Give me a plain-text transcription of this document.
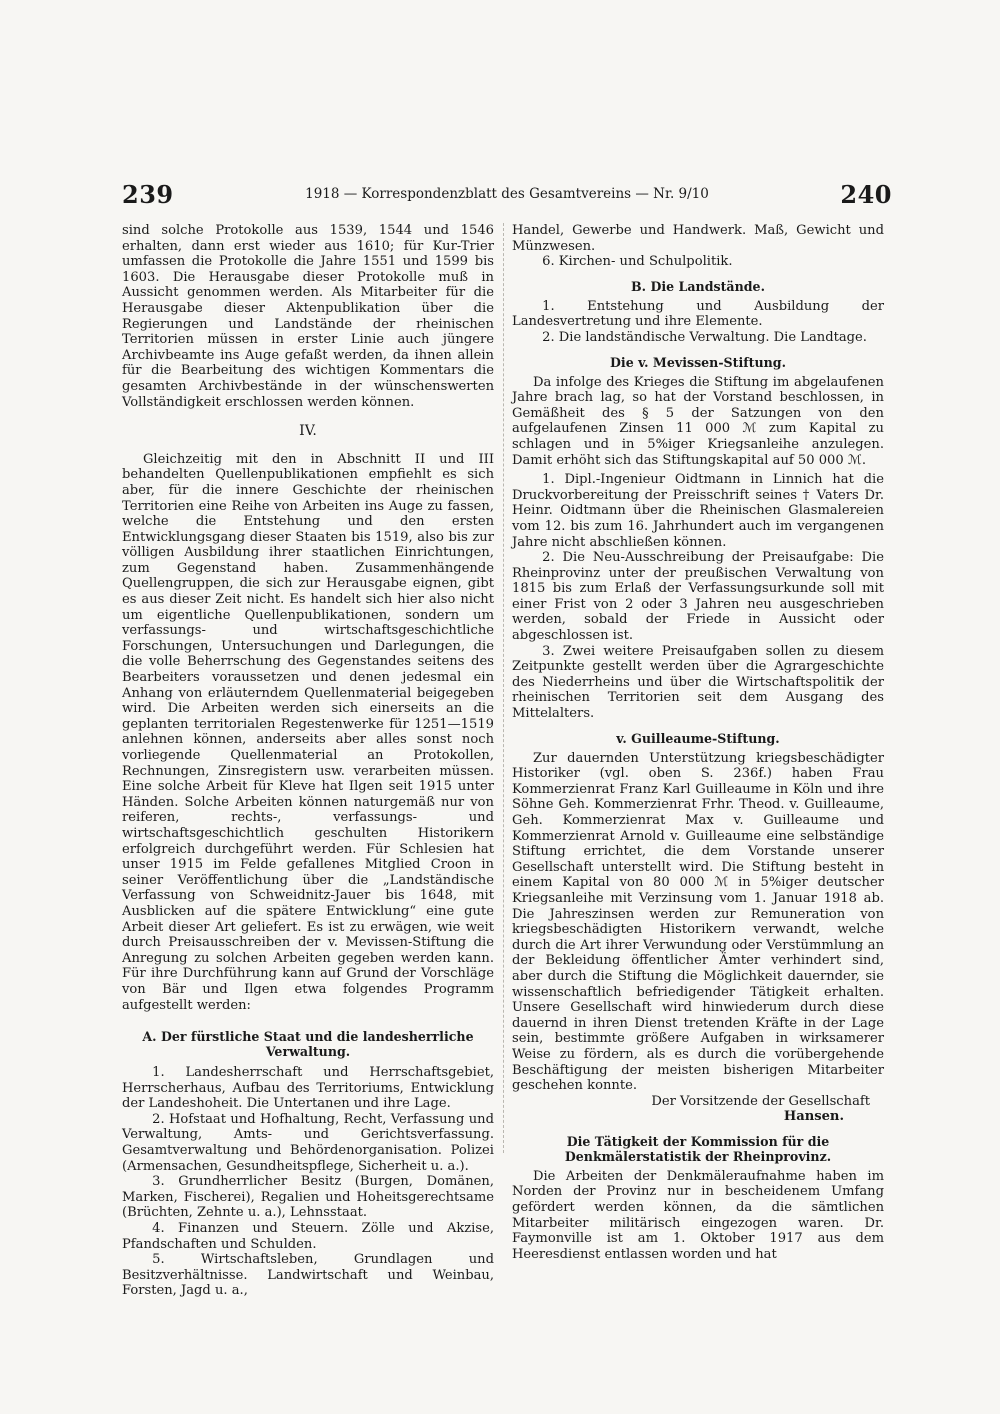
239	1918 — Korrespondenzblatt des Gesamtvereins — Nr. 9/10	240

sind solche Protokolle aus 1539, 1544 und 1546 erhalten, dann erst wieder aus 1610; für Kur-Trier umfassen die Protokolle die Jahre 1551 und 1599 bis 1603. Die Herausgabe dieser Protokolle muß in Aussicht genommen werden. Als Mitarbeiter für die Herausgabe dieser Aktenpublikation über die Regierungen und Landstände der rheinischen Territorien müssen in erster Linie auch jüngere Archivbeamte ins Auge gefaßt werden, da ihnen allein für die Bearbeitung des wichtigen Kommentars die gesamten Archivbestände in der wünschenswerten Vollständigkeit erschlossen werden können.

IV.

Gleichzeitig mit den in Abschnitt II und III behandelten Quellenpublikationen empfiehlt es sich aber, für die innere Geschichte der rheinischen Territorien eine Reihe von Arbeiten ins Auge zu fassen, welche die Entstehung und den ersten Entwicklungsgang dieser Staaten bis 1519, also bis zur völligen Ausbildung ihrer staatlichen Einrichtungen, zum Gegenstand haben. Zusammenhängende Quellengruppen, die sich zur Herausgabe eignen, gibt es aus dieser Zeit nicht. Es handelt sich hier also nicht um eigentliche Quellenpublikationen, sondern um verfassungs- und wirtschaftsgeschichtliche Forschungen, Untersuchungen und Darlegungen, die die volle Beherrschung des Gegenstandes seitens des Bearbeiters voraussetzen und denen jedesmal ein Anhang von erläuterndem Quellenmaterial beigegeben wird. Die Arbeiten werden sich einerseits an die geplanten territorialen Regestenwerke für 1251—1519 anlehnen können, anderseits aber alles sonst noch vorliegende Quellenmaterial an Protokollen, Rechnungen, Zinsregistern usw. verarbeiten müssen. Eine solche Arbeit für Kleve hat Ilgen seit 1915 unter Händen. Solche Arbeiten können naturgemäß nur von reiferen, rechts-, verfassungs- und wirtschaftsgeschichtlich geschulten Historikern erfolgreich durchgeführt werden. Für Schlesien hat unser 1915 im Felde gefallenes Mitglied Croon in seiner Veröffentlichung über die „Landständische Verfassung von Schweidnitz-Jauer bis 1648, mit Ausblicken auf die spätere Entwicklung“ eine gute Arbeit dieser Art geliefert. Es ist zu erwägen, wie weit durch Preisausschreiben der v. Mevissen-Stiftung die Anregung zu solchen Arbeiten gegeben werden kann. Für ihre Durchführung kann auf Grund der Vorschläge von Bär und Ilgen etwa folgendes Programm aufgestellt werden:

A. Der fürstliche Staat und die landesherrliche Verwaltung.

1. Landesherrschaft und Herrschaftsgebiet, Herrscherhaus, Aufbau des Territoriums, Entwicklung der Landeshoheit. Die Untertanen und ihre Lage.

2. Hofstaat und Hofhaltung, Recht, Verfassung und Verwaltung, Amts- und Gerichtsverfassung. Gesamtverwaltung und Behördenorganisation. Polizei (Armensachen, Gesundheitspflege, Sicherheit u. a.).

3. Grundherrlicher Besitz (Burgen, Domänen, Marken, Fischerei), Regalien und Hoheitsgerechtsame (Brüchten, Zehnte u. a.), Lehnsstaat.

4. Finanzen und Steuern. Zölle und Akzise, Pfandschaften und Schulden.

5. Wirtschaftsleben, Grundlagen und Besitzverhältnisse. Landwirtschaft und Weinbau, Forsten, Jagd u. a.,

Handel, Gewerbe und Handwerk. Maß, Gewicht und Münzwesen.

6. Kirchen- und Schulpolitik.

B. Die Landstände.

1. Entstehung und Ausbildung der Landesvertretung und ihre Elemente.

2. Die landständische Verwaltung. Die Landtage.

Die v. Mevissen-Stiftung.

Da infolge des Krieges die Stiftung im abgelaufenen Jahre brach lag, so hat der Vorstand beschlossen, in Gemäßheit des § 5 der Satzungen von den aufgelaufenen Zinsen 11 000 ℳ zum Kapital zu schlagen und in 5%iger Kriegsanleihe anzulegen. Damit erhöht sich das Stiftungskapital auf 50 000 ℳ.

1. Dipl.-Ingenieur Oidtmann in Linnich hat die Druckvorbereitung der Preisschrift seines † Vaters Dr. Heinr. Oidtmann über die Rheinischen Glasmalereien vom 12. bis zum 16. Jahrhundert auch im vergangenen Jahre nicht abschließen können.

2. Die Neu-Ausschreibung der Preisaufgabe: Die Rheinprovinz unter der preußischen Verwaltung von 1815 bis zum Erlaß der Verfassungsurkunde soll mit einer Frist von 2 oder 3 Jahren neu ausgeschrieben werden, sobald der Friede in Aussicht oder abgeschlossen ist.

3. Zwei weitere Preisaufgaben sollen zu diesem Zeitpunkte gestellt werden über die Agrargeschichte des Niederrheins und über die Wirtschaftspolitik der rheinischen Territorien seit dem Ausgang des Mittelalters.

v. Guilleaume-Stiftung.

Zur dauernden Unterstützung kriegsbeschädigter Historiker (vgl. oben S. 236f.) haben Frau Kommerzienrat Franz Karl Guilleaume in Köln und ihre Söhne Geh. Kommerzienrat Frhr. Theod. v. Guilleaume, Geh. Kommerzienrat Max v. Guilleaume und Kommerzienrat Arnold v. Guilleaume eine selbständige Stiftung errichtet, die dem Vorstande unserer Gesellschaft unterstellt wird. Die Stiftung besteht in einem Kapital von 80 000 ℳ in 5%iger deutscher Kriegsanleihe mit Verzinsung vom 1. Januar 1918 ab. Die Jahreszinsen werden zur Remuneration von kriegsbeschädigten Historikern verwandt, welche durch die Art ihrer Verwundung oder Verstümmlung an der Bekleidung öffentlicher Ämter verhindert sind, aber durch die Stiftung die Möglichkeit dauernder, sie wissenschaftlich befriedigender Tätigkeit erhalten. Unsere Gesellschaft wird hinwiederum durch diese dauernd in ihren Dienst tretenden Kräfte in der Lage sein, bestimmte größere Aufgaben in wirksamerer Weise zu fördern, als es durch die vorübergehende Beschäftigung der meisten bisherigen Mitarbeiter geschehen konnte.

Der Vorsitzende der Gesellschaft

Hansen.

Die Tätigkeit der Kommission für die Denkmälerstatistik der Rheinprovinz.

Die Arbeiten der Denkmäleraufnahme haben im Norden der Provinz nur in bescheidenem Umfang gefördert werden können, da die sämtlichen Mitarbeiter militärisch eingezogen waren. Dr. Faymonville ist am 1. Oktober 1917 aus dem Heeresdienst entlassen worden und hat
